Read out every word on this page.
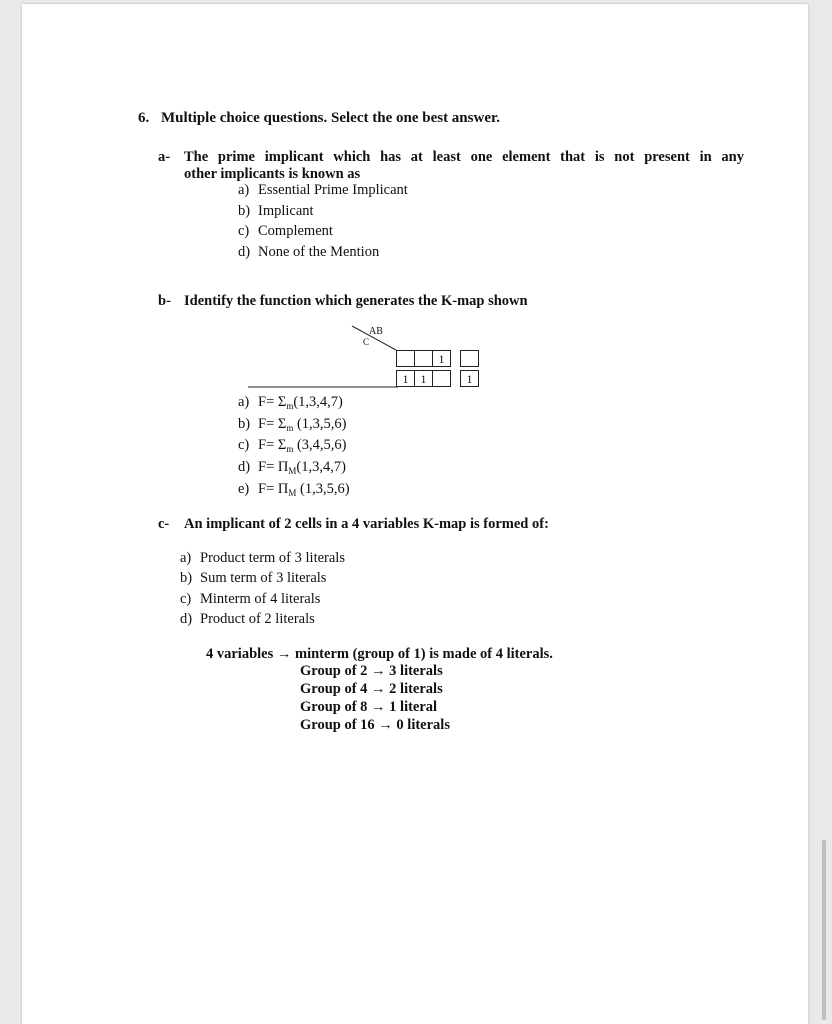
6. Multiple choice questions. Select the one best answer.
a- The prime implicant which has at least one element that is not present in any
other implicants is known as
a) Essential Prime Implicant
b) Implicant
c) Complement
d) None of the Mention
b- Identify the function which generates the K-map shown
AB
C
1
1	1	1
a) $F= \Sigma_m(1,3,4,7)$
b) $F= \Sigma_m$ (1,3,5,6)
c) $F= \Sigma_m$ (3,4,5,6)
d) $F= \Pi_M(1,3,4,7)$
e) $F= \Pi_M$ (1,3,5,6)
c- An implicant of 2 cells in a 4 variables K-map is formed of:
a) Product term of 3 literals
b) Sum term of 3 literals
c) Minterm of 4 literals
d) Product of 2 literals
4 variables → minterm (group of 1) is made of 4 literals.
Group of 2 → 3 literals
Group of 4 → 2 literals
Group of 8 → 1 literal
Group of 16 → 0 literals
